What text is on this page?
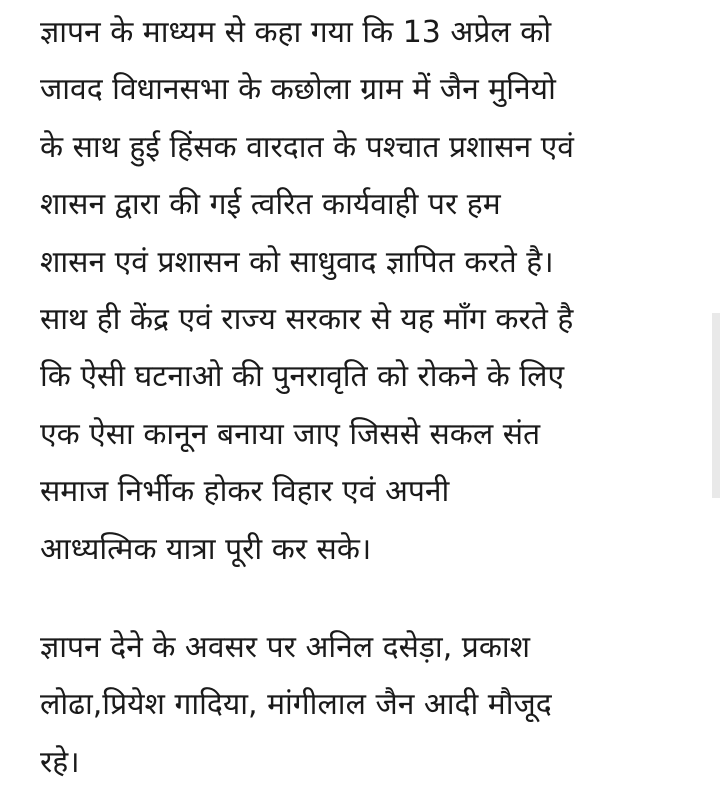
ज्ञापन के माध्यम से कहा गया कि 13 अप्रेल को
जावद विधानसभा के कछोला ग्राम में जैन मुनियो
के साथ हुई हिंसक वारदात के पश्चात प्रशासन एवं
शासन द्वारा की गई त्वरित कार्यवाही पर हम
शासन एवं प्रशासन को साधुवाद ज्ञापित करते है।
साथ ही केंद्र एवं राज्य सरकार से यह माँग करते है
कि ऐसी घटनाओ की पुनरावृति को रोकने के लिए
एक ऐसा कानून बनाया जाए जिससे सकल संत
समाज निर्भीक होकर विहार एवं अपनी
आध्यत्मिक यात्रा पूरी कर सके।
ज्ञापन देने के अवसर पर अनिल दसेड़ा, प्रकाश
लोढा,प्रियेश गादिया, मांगीलाल जैन आदी मौजूद
रहे।
